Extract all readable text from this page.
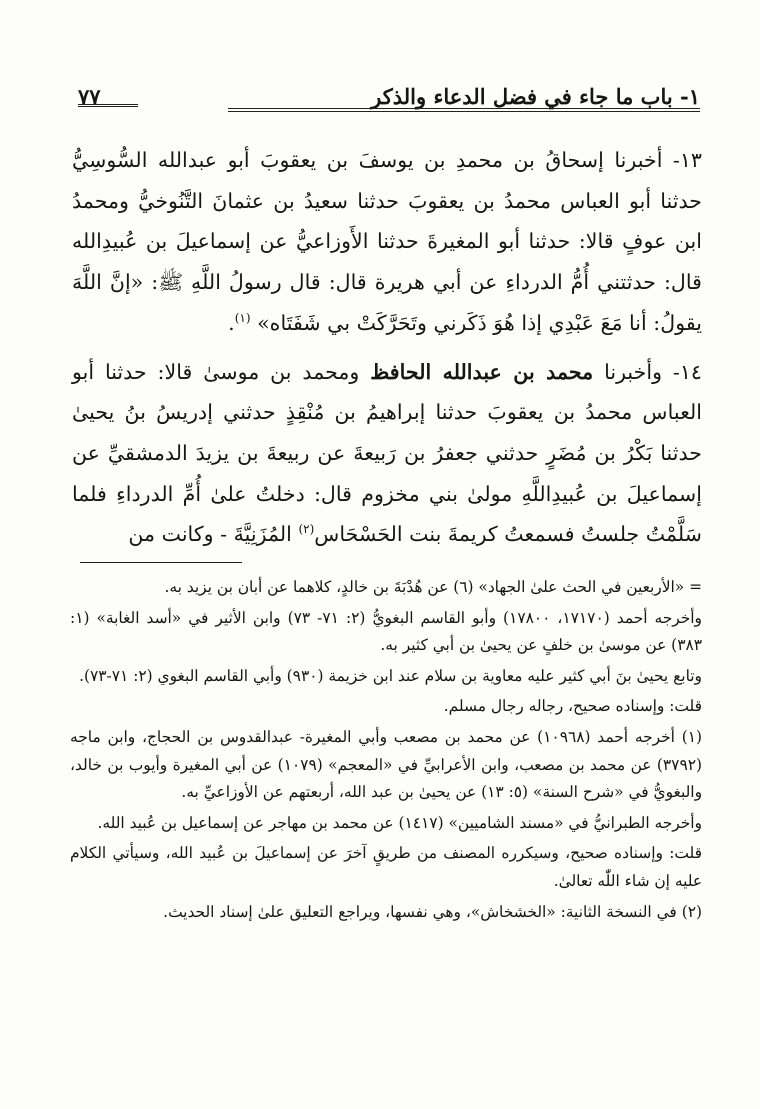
١- باب ما جاء في فضل الدعاء والذكر
٧٧

١٣- أخبرنا إسحاقُ بن محمدِ بن يوسفَ بن يعقوبَ أبو عبدالله السُّوسِيُّ حدثنا أبو العباس محمدُ بن يعقوبَ حدثنا سعيدُ بن عثمانَ التَّنُوخيُّ ومحمدُ ابن عوفٍ قالا: حدثنا أبو المغيرةَ حدثنا الأَوزاعيُّ عن إسماعيلَ بن عُبيدِالله قال: حدثتني أُمُّ الدرداءِ عن أبي هريرة قال: قال رسولُ اللَّهِ ﷺ: «إنَّ اللَّهَ يقولُ: أنا مَعَ عَبْدِي إذا هُوَ ذَكَرني وتَحَرَّكَتْ بي شَفَتَاه» $^{(١)}$.

١٤- وأخبرنا محمد بن عبدالله الحافظ ومحمد بن موسىٰ قالا: حدثنا أبو العباس محمدُ بن يعقوبَ حدثنا إبراهيمُ بن مُنْقِذٍ حدثني إدريسُ بنُ يحيىٰ حدثنا بَكْرُ بن مُضَرٍ حدثني جعفرُ بن رَبيعةَ عن ربيعةَ بن يزيدَ الدمشقيِّ عن إسماعيلَ بن عُبيدِاللَّهِ مولىٰ بني مخزوم قال: دخلتُ علىٰ أُمِّ الدرداءِ فلما سَلَّمْتُ جلستُ فسمعتُ كريمةَ بنت الحَسْحَاس$^{(٢)}$ المُزَنِيَّةَ - وكانت من

= «الأربعين في الحث علىٰ الجهاد» (٦) عن هُدْبَةَ بن خالدٍ، كلاهما عن أبان بن يزيد به.

وأخرجه أحمد (١٧١٧٠، ١٧٨٠٠) وأبو القاسم البغويُّ (٢: ٧١- ٧٣) وابن الأثير في «أسد الغابة» (١: ٣٨٣) عن موسىٰ بن خلفٍ عن يحيىٰ بن أبي كثير به.

وتابع يحيىٰ بنَ أبي كثير عليه معاوية بن سلام عند ابن خزيمة (٩٣٠) وأبي القاسم البغوي (٢: ٧١-٧٣).

قلت: وإسناده صحيح، رجاله رجال مسلم.

(١) أخرجه أحمد (١٠٩٦٨) عن محمد بن مصعب وأبي المغيرة- عبدالقدوس بن الحجاج، وابن ماجه (٣٧٩٢) عن محمد بن مصعب، وابن الأعرابيِّ في «المعجم» (١٠٧٩) عن أبي المغيرة وأيوب بن خالد، والبغويُّ في «شرح السنة» (٥: ١٣) عن يحيىٰ بن عبد الله، أربعتهم عن الأوزاعيِّ به.

وأخرجه الطبرانيُّ في «مسند الشاميين» (١٤١٧) عن محمد بن مهاجر عن إسماعيل بن عُبيد الله.

قلت: وإسناده صحيح، وسيكرره المصنف من طريقٍ آخرَ عن إسماعيلَ بن عُبيد الله، وسيأتي الكلام عليه إن شاء اللّٰه تعالىٰ.

(٢) في النسخة الثانية: «الخشخاش»، وهي نفسها، ويراجع التعليق علىٰ إسناد الحديث.
